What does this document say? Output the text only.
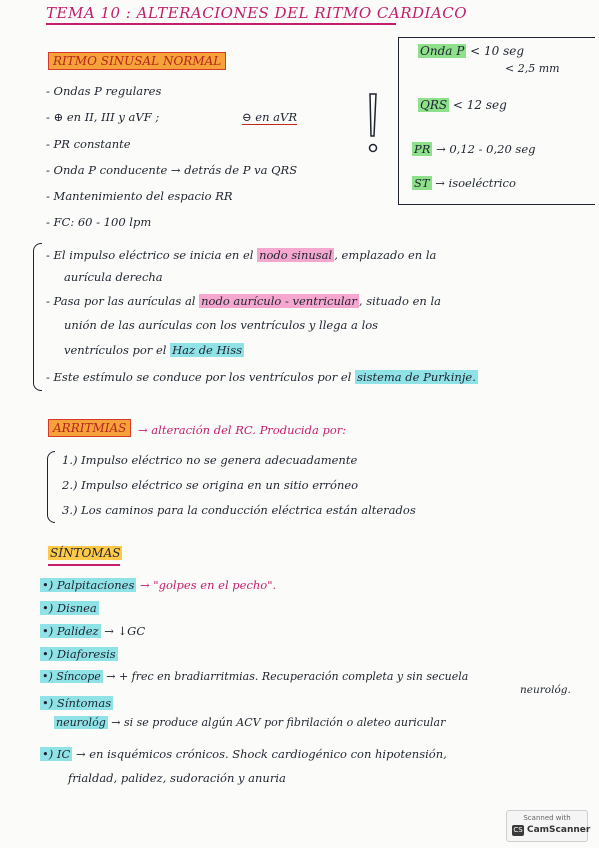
TEMA 10 : ALTERACIONES DEL RITMO CARDIACO
RITMO SINUSAL NORMAL
- Ondas P regulares
- ⊕ en II, III y aVF ;	⊖ en aVR
- PR constante
- Onda P conducente → detrás de P va QRS
- Mantenimiento del espacio RR
- FC: 60 - 100 lpm
Onda P < 10 seg
< 2,5 mm
QRS < 12 seg
PR → 0,12 - 0,20 seg
ST → isoeléctrico
- El impulso eléctrico se inicia en el nodo sinusal , emplazado en la
aurícula derecha
- Pasa por las aurículas al nodo aurículo - ventricular , situado en la
unión de las aurículas con los ventrículos y llega a los
ventrículos por el Haz de Hiss
- Este estímulo se conduce por los ventrículos por el sistema de Purkinje.
ARRITMIAS	→ alteración del RC. Producida por:
1.) Impulso eléctrico no se genera adecuadamente
2.) Impulso eléctrico se origina en un sitio erróneo
3.) Los caminos para la conducción eléctrica están alterados
SÍNTOMAS
•) Palpitaciones → "golpes en el pecho".
•) Disnea
•) Palidez → ↓GC
•) Diaforesis
•) Síncope → + frec en bradiarritmias. Recuperación completa y sin secuela
neurológ.
•) Síntomas
neurológ → si se produce algún ACV por fibrilación o aleteo auricular
•) IC → en isquémicos crónicos. Shock cardiogénico con hipotensión,
frialdad, palidez, sudoración y anuria
Scanned with
CS CamScanner
